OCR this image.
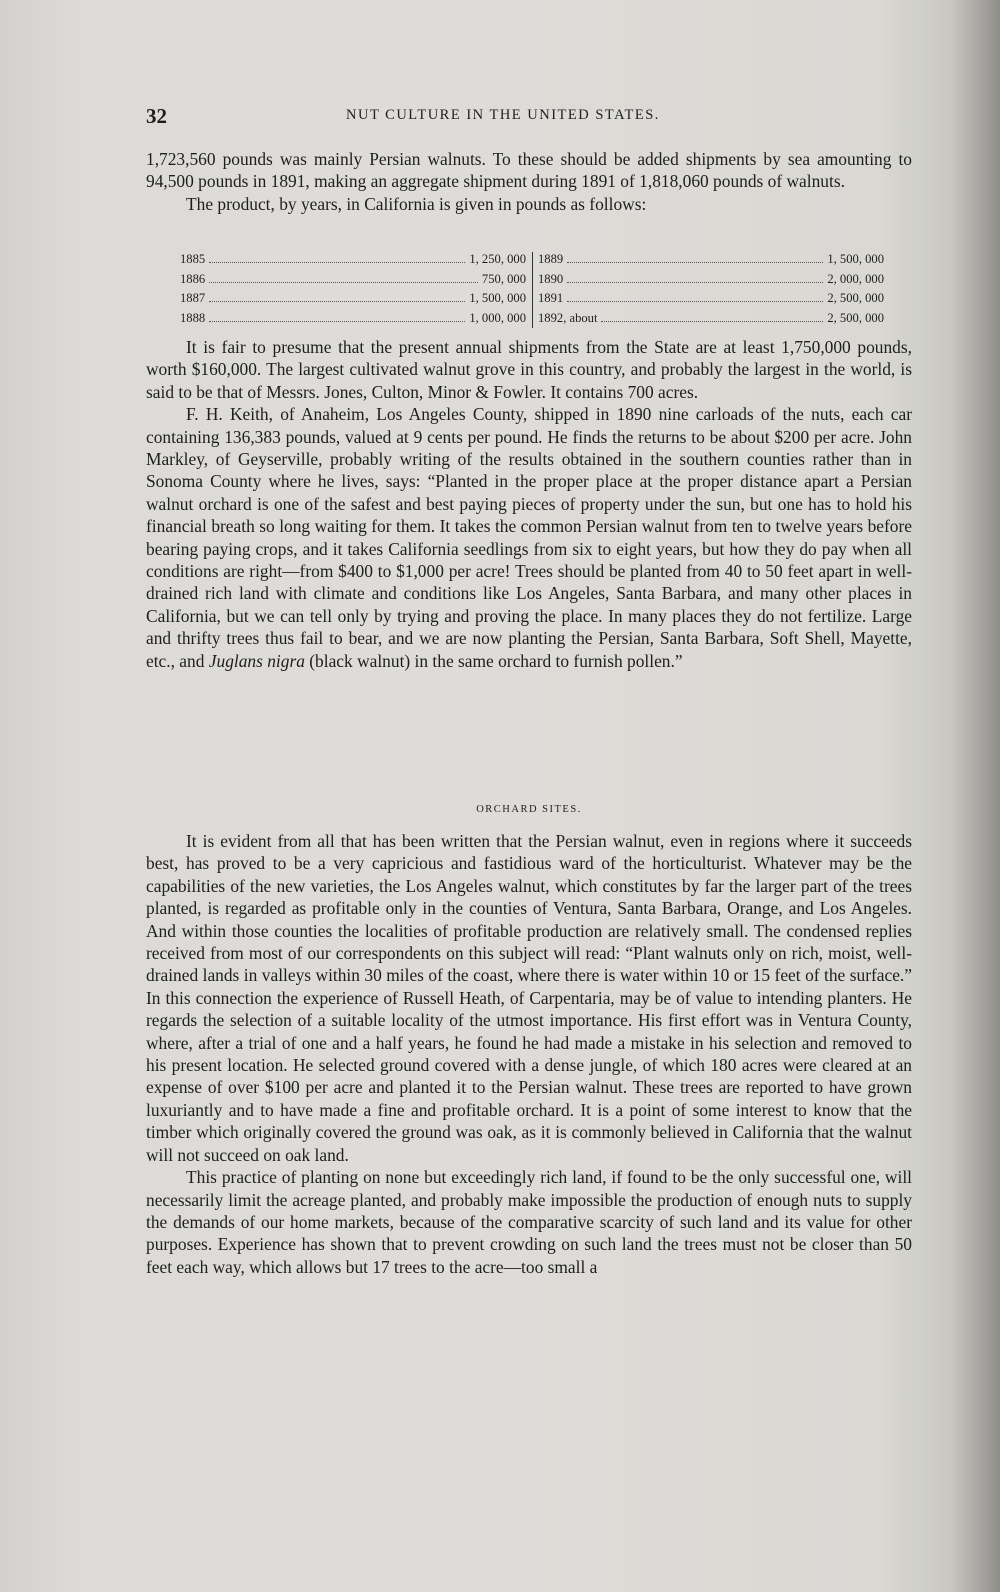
32	NUT CULTURE IN THE UNITED STATES.

1,723,560 pounds was mainly Persian walnuts. To these should be added shipments by sea amounting to 94,500 pounds in 1891, making an aggregate shipment during 1891 of 1,818,060 pounds of walnuts.

The product, by years, in California is given in pounds as follows:

1885	1, 250, 000
1886	750, 000
1887	1, 500, 000
1888	1, 000, 000
1889	1, 500, 000
1890	2, 000, 000
1891	2, 500, 000
1892, about	2, 500, 000

It is fair to presume that the present annual shipments from the State are at least 1,750,000 pounds, worth $160,000. The largest cultivated walnut grove in this country, and probably the largest in the world, is said to be that of Messrs. Jones, Culton, Minor & Fowler. It contains 700 acres.

F. H. Keith, of Anaheim, Los Angeles County, shipped in 1890 nine carloads of the nuts, each car containing 136,383 pounds, valued at 9 cents per pound. He finds the returns to be about $200 per acre. John Markley, of Geyserville, probably writing of the results obtained in the southern counties rather than in Sonoma County where he lives, says: “Planted in the proper place at the proper distance apart a Persian walnut orchard is one of the safest and best paying pieces of property under the sun, but one has to hold his financial breath so long waiting for them. It takes the common Persian walnut from ten to twelve years before bearing paying crops, and it takes California seedlings from six to eight years, but how they do pay when all conditions are right—from $400 to $1,000 per acre! Trees should be planted from 40 to 50 feet apart in well-drained rich land with climate and conditions like Los Angeles, Santa Barbara, and many other places in California, but we can tell only by trying and proving the place. In many places they do not fertilize. Large and thrifty trees thus fail to bear, and we are now planting the Persian, Santa Barbara, Soft Shell, Mayette, etc., and Juglans nigra (black walnut) in the same orchard to furnish pollen.”

ORCHARD SITES.

It is evident from all that has been written that the Persian walnut, even in regions where it succeeds best, has proved to be a very capricious and fastidious ward of the horticulturist. Whatever may be the capabilities of the new varieties, the Los Angeles walnut, which constitutes by far the larger part of the trees planted, is regarded as profitable only in the counties of Ventura, Santa Barbara, Orange, and Los Angeles. And within those counties the localities of profitable production are relatively small. The condensed replies received from most of our correspondents on this subject will read: “Plant walnuts only on rich, moist, well-drained lands in valleys within 30 miles of the coast, where there is water within 10 or 15 feet of the surface.” In this connection the experience of Russell Heath, of Carpentaria, may be of value to intending planters. He regards the selection of a suitable locality of the utmost importance. His first effort was in Ventura County, where, after a trial of one and a half years, he found he had made a mistake in his selection and removed to his present location. He selected ground covered with a dense jungle, of which 180 acres were cleared at an expense of over $100 per acre and planted it to the Persian walnut. These trees are reported to have grown luxuriantly and to have made a fine and profitable orchard. It is a point of some interest to know that the timber which originally covered the ground was oak, as it is commonly believed in California that the walnut will not succeed on oak land.

This practice of planting on none but exceedingly rich land, if found to be the only successful one, will necessarily limit the acreage planted, and probably make impossible the production of enough nuts to supply the demands of our home markets, because of the comparative scarcity of such land and its value for other purposes. Experience has shown that to prevent crowding on such land the trees must not be closer than 50 feet each way, which allows but 17 trees to the acre—too small a
